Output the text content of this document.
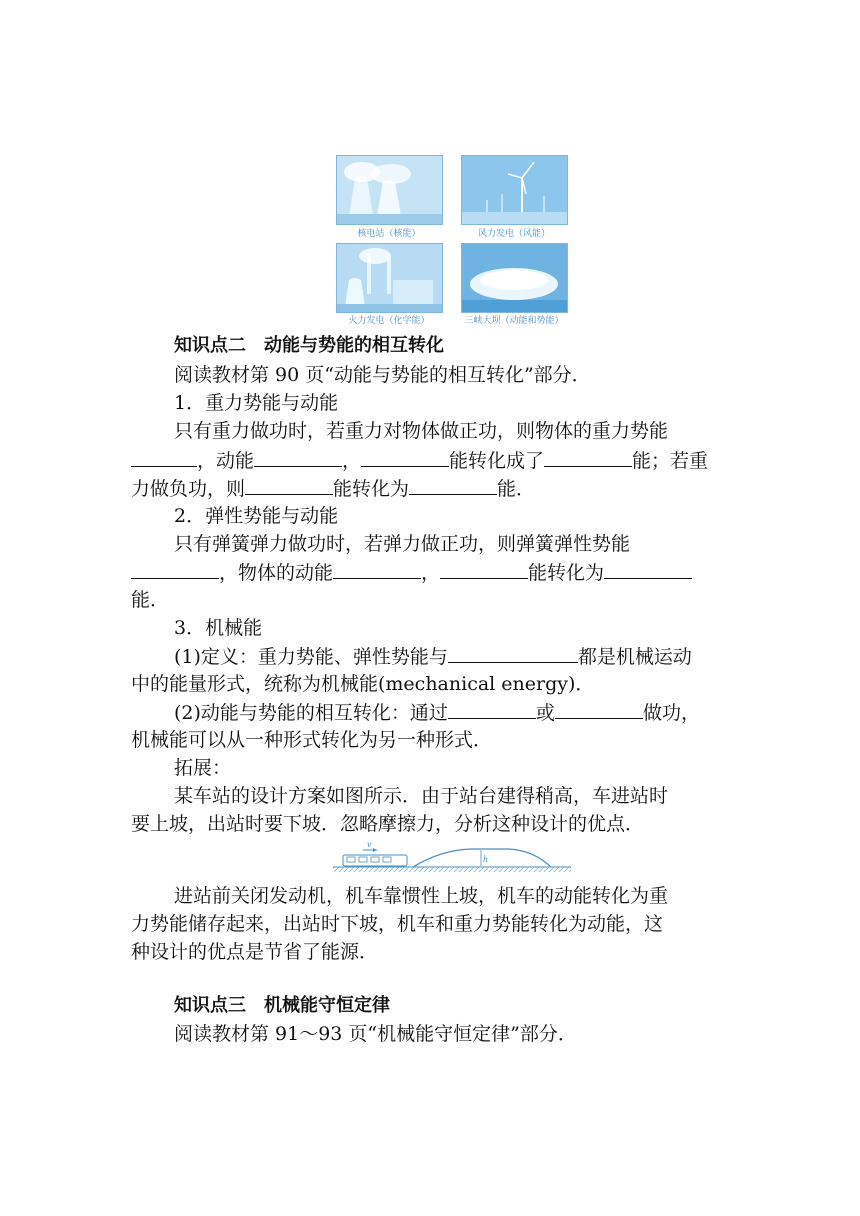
核电站（核能）	风力发电（风能）
火力发电（化学能）	三峡大坝（动能和势能）
知识点二　动能与势能的相互转化
阅读教材第 90 页“动能与势能的相互转化”部分．
1．重力势能与动能
只有重力做功时，若重力对物体做正功，则物体的重力势能
，动能	，	能转化成了	能；若重
力做负功，则	能转化为	能．
2．弹性势能与动能
只有弹簧弹力做功时，若弹力做正功，则弹簧弹性势能
，物体的动能	，	能转化为
能．
3．机械能
(1)定义：重力势能、弹性势能与	都是机械运动
中的能量形式，统称为机械能(mechanical energy)．
(2)动能与势能的相互转化：通过	或	做功，
机械能可以从一种形式转化为另一种形式．
拓展：
某车站的设计方案如图所示．由于站台建得稍高，车进站时
要上坡，出站时要下坡．忽略摩擦力，分析这种设计的优点．
v
h
进站前关闭发动机，机车靠惯性上坡，机车的动能转化为重
力势能储存起来，出站时下坡，机车和重力势能转化为动能，这
种设计的优点是节省了能源．
知识点三　机械能守恒定律
阅读教材第 91～93 页“机械能守恒定律”部分．
